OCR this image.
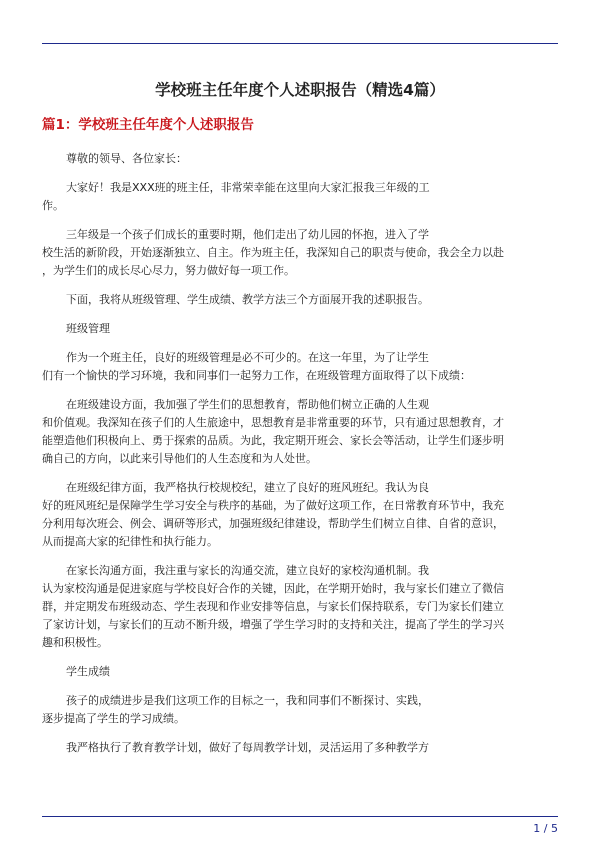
学校班主任年度个人述职报告（精选4篇）
篇1：学校班主任年度个人述职报告
尊敬的领导、各位家长：
大家好！我是XXX班的班主任，非常荣幸能在这里向大家汇报我三年级的工
作。
三年级是一个孩子们成长的重要时期，他们走出了幼儿园的怀抱，进入了学
校生活的新阶段，开始逐渐独立、自主。作为班主任，我深知自己的职责与使命，我会全力以赴
，为学生们的成长尽心尽力，努力做好每一项工作。
下面，我将从班级管理、学生成绩、教学方法三个方面展开我的述职报告。
班级管理
作为一个班主任，良好的班级管理是必不可少的。在这一年里，为了让学生
们有一个愉快的学习环境，我和同事们一起努力工作，在班级管理方面取得了以下成绩：
在班级建设方面，我加强了学生们的思想教育，帮助他们树立正确的人生观
和价值观。我深知在孩子们的人生旅途中，思想教育是非常重要的环节，只有通过思想教育，才
能塑造他们积极向上、勇于探索的品质。为此，我定期开班会、家长会等活动，让学生们逐步明
确自己的方向，以此来引导他们的人生态度和为人处世。
在班级纪律方面，我严格执行校规校纪，建立了良好的班风班纪。我认为良
好的班风班纪是保障学生学习安全与秩序的基础，为了做好这项工作，在日常教育环节中，我充
分利用每次班会、例会、调研等形式，加强班级纪律建设，帮助学生们树立自律、自省的意识，
从而提高大家的纪律性和执行能力。
在家长沟通方面，我注重与家长的沟通交流，建立良好的家校沟通机制。我
认为家校沟通是促进家庭与学校良好合作的关键，因此，在学期开始时，我与家长们建立了微信
群，并定期发布班级动态、学生表现和作业安排等信息，与家长们保持联系，专门为家长们建立
了家访计划，与家长们的互动不断升级，增强了学生学习时的支持和关注，提高了学生的学习兴
趣和积极性。
学生成绩
孩子的成绩进步是我们这项工作的目标之一，我和同事们不断探讨、实践，
逐步提高了学生的学习成绩。
我严格执行了教育教学计划，做好了每周教学计划，灵活运用了多种教学方
1 / 5
